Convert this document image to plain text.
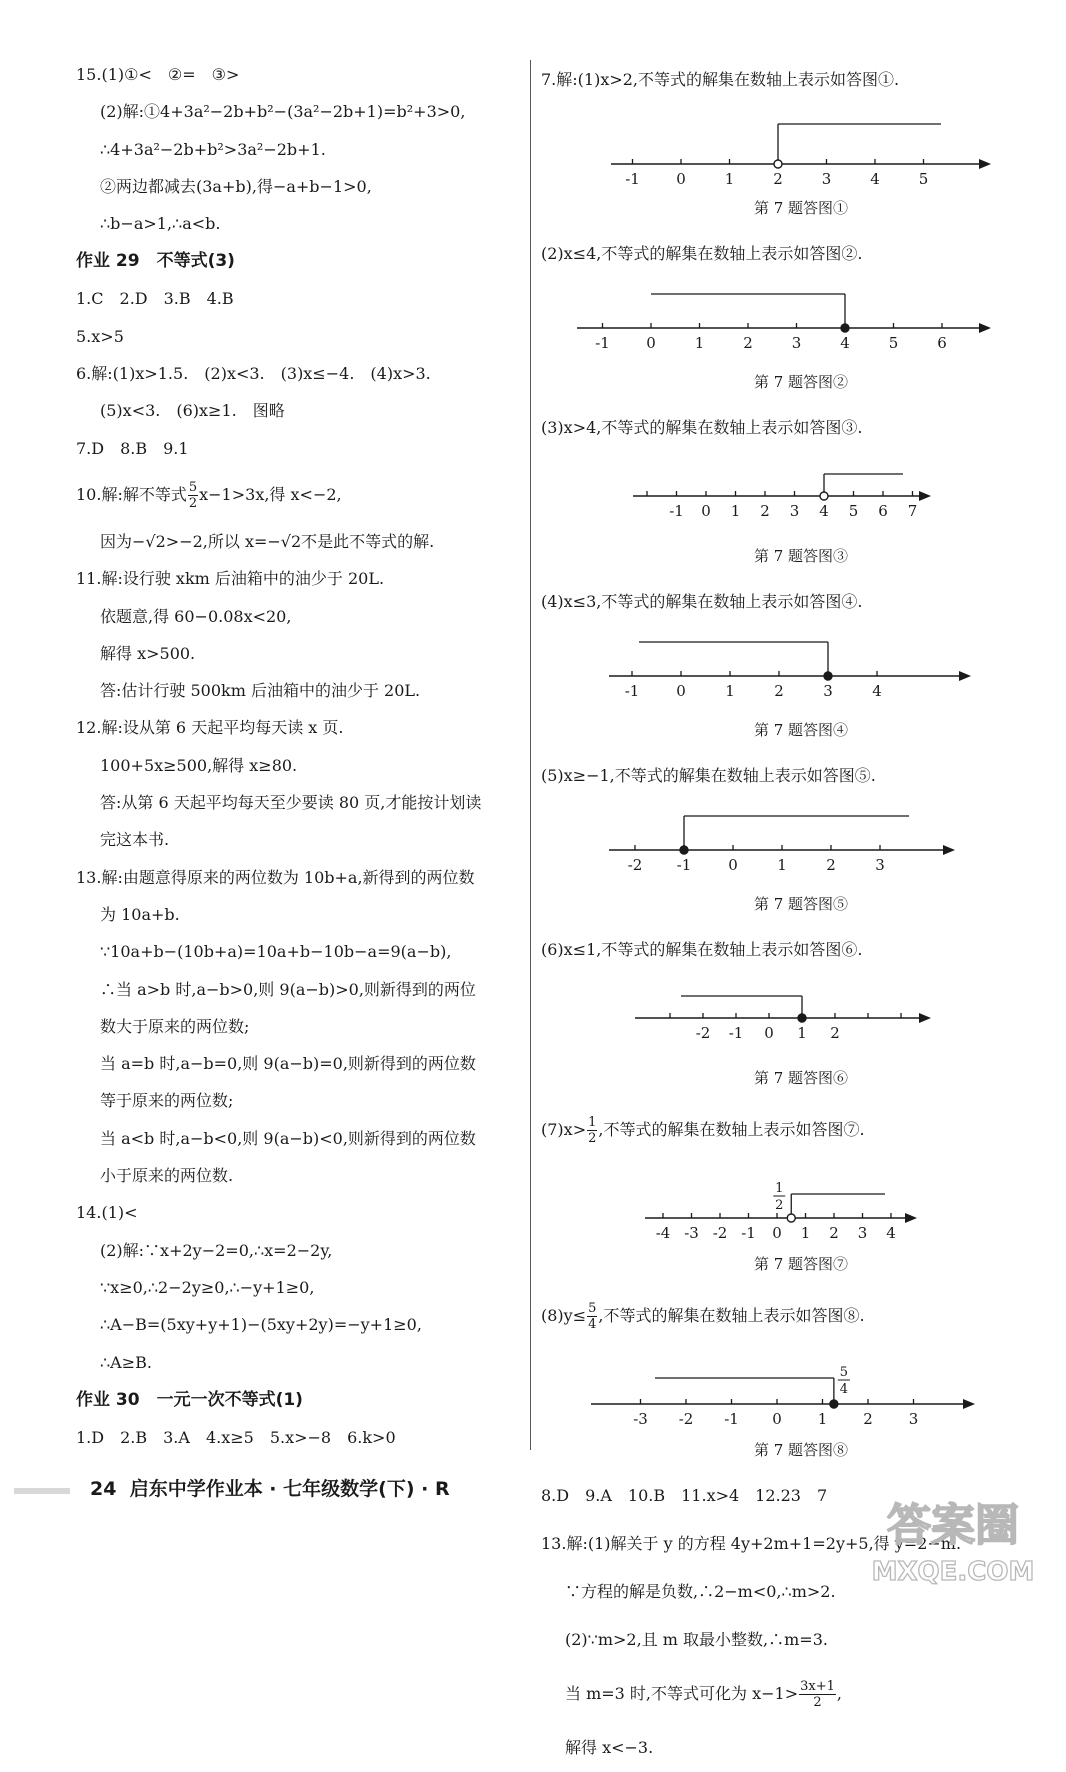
15.(1)①<　②=　③>
(2)解:①4+3a²−2b+b²−(3a²−2b+1)=b²+3>0,
∴4+3a²−2b+b²>3a²−2b+1.
②两边都减去(3a+b),得−a+b−1>0,
∴b−a>1,∴a<b.
作业 29　不等式(3)
1.C　2.D　3.B　4.B
5.x>5
6.解:(1)x>1.5.　(2)x<3.　(3)x≤−4.　(4)x>3.
(5)x<3.　(6)x≥1.　图略
7.D　8.B　9.1
10.解:解不等式 $\frac{5}{2} x-1>3x$,得 x<−2,
因为−√2>−2,所以 x=−√2不是此不等式的解.
11.解:设行驶 xkm 后油箱中的油少于 20L.
依题意,得 60−0.08x<20,
解得 x>500.
答:估计行驶 500km 后油箱中的油少于 20L.
12.解:设从第 6 天起平均每天读 x 页.
100+5x≥500,解得 x≥80.
答:从第 6 天起平均每天至少要读 80 页,才能按计划读
完这本书.
13.解:由题意得原来的两位数为 10b+a,新得到的两位数
为 10a+b.
∵10a+b−(10b+a)=10a+b−10b−a=9(a−b),
∴当 a>b 时,a−b>0,则 9(a−b)>0,则新得到的两位
数大于原来的两位数;
当 a=b 时,a−b=0,则 9(a−b)=0,则新得到的两位数
等于原来的两位数;
当 a<b 时,a−b<0,则 9(a−b)<0,则新得到的两位数
小于原来的两位数.
14.(1)<
(2)解:∵x+2y−2=0,∴x=2−2y,
∵x≥0,∴2−2y≥0,∴−y+1≥0,
∴A−B=(5xy+y+1)−(5xy+2y)=−y+1≥0,
∴A≥B.
作业 30　一元一次不等式(1)
1.D　2.B　3.A　4.x≥5　5.x>−8　6.k>0
7.解:(1)x>2,不等式的解集在数轴上表示如答图①.
-1 0	1	2	3	4	5
第 7 题答图①
(2)x≤4,不等式的解集在数轴上表示如答图②.
-1 0	1	2	3	4	5	6
第 7 题答图②
(3)x>4,不等式的解集在数轴上表示如答图③.
-1 0 1 2 3 4 5 6 7
第 7 题答图③
(4)x≤3,不等式的解集在数轴上表示如答图④.
-1 0	1	2	3	4
第 7 题答图④
(5)x≥−1,不等式的解集在数轴上表示如答图⑤.
-2 -1 0	1	2	3
第 7 题答图⑤
(6)x≤1,不等式的解集在数轴上表示如答图⑥.
-2 -1 0 1 2
第 7 题答图⑥
$(7)x> \frac{1}{2}$ ,不等式的解集在数轴上表示如答图⑦.
-4 -3 -2 -1 0 1 2 3 4
1
2
第 7 题答图⑦
$(8)y\le \frac{5}{4}$ ,不等式的解集在数轴上表示如答图⑧.
-3 -2 -1 0 1 2 3
5
4
第 7 题答图⑧
8.D　9.A　10.B　11.x>4　12.23　7
13.解:(1)解关于 y 的方程 4y+2m+1=2y+5,得 y=2−m.
∵方程的解是负数,∴2−m<0,∴m>2.
(2)∵m>2,且 m 取最小整数,∴m=3.
当 m=3 时,不等式可化为 $x-1> \frac{3x+1}{2}$ ,
解得 x<−3.
24 启东中学作业本 · 七年级数学(下) · R
答案圈
MXQE.COM
